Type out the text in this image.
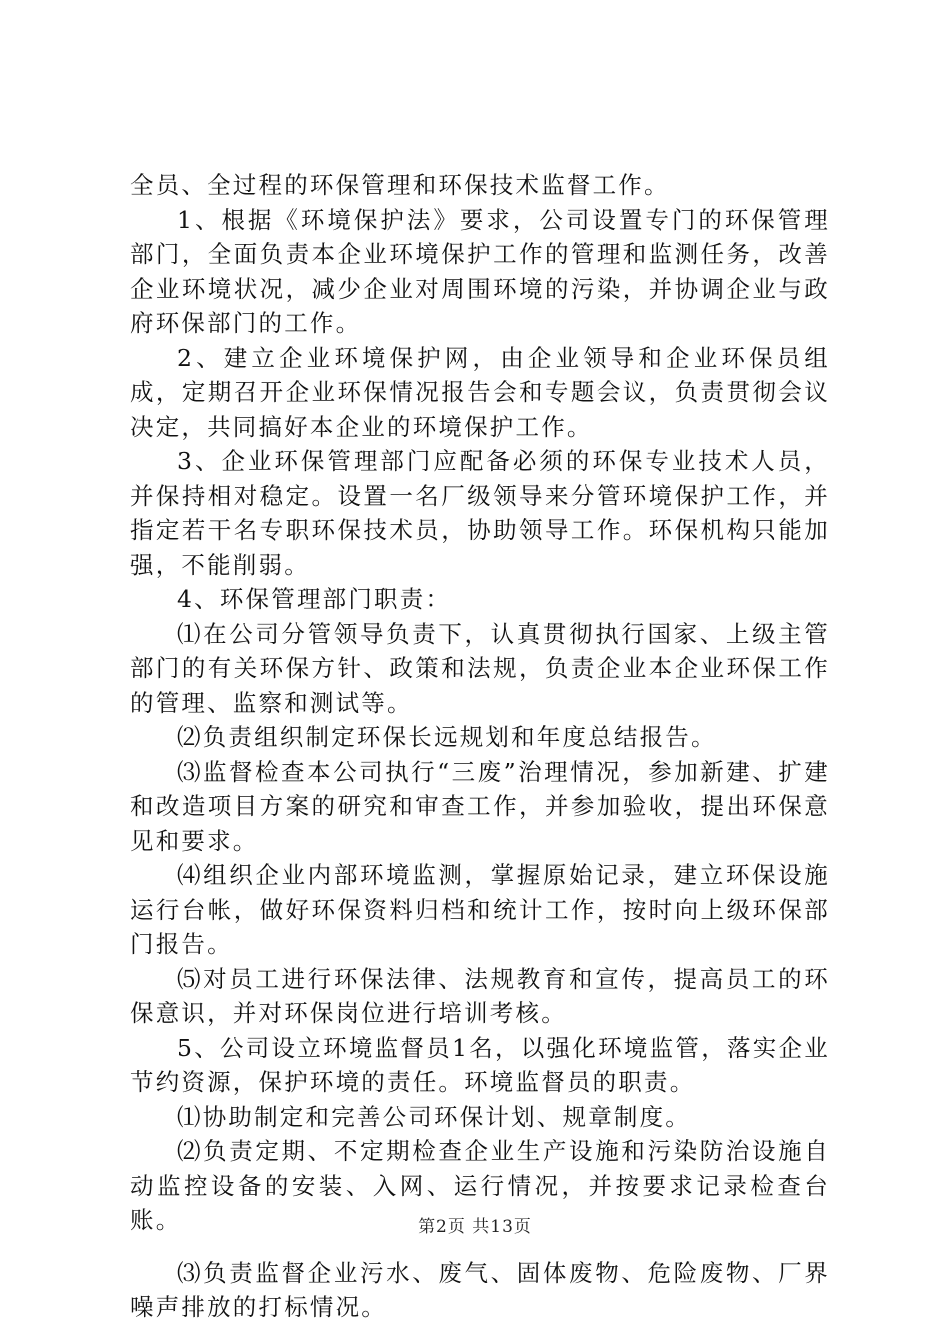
全员、全过程的环保管理和环保技术监督工作。

1、根据《环境保护法》要求，公司设置专门的环保管理部门，全面负责本企业环境保护工作的管理和监测任务，改善企业环境状况，减少企业对周围环境的污染，并协调企业与政府环保部门的工作。

2、建立企业环境保护网，由企业领导和企业环保员组成，定期召开企业环保情况报告会和专题会议，负责贯彻会议决定，共同搞好本企业的环境保护工作。

3、企业环保管理部门应配备必须的环保专业技术人员，并保持相对稳定。设置一名厂级领导来分管环境保护工作，并指定若干名专职环保技术员，协助领导工作。环保机构只能加强，不能削弱。

4、环保管理部门职责：

⑴在公司分管领导负责下，认真贯彻执行国家、上级主管部门的有关环保方针、政策和法规，负责企业本企业环保工作的管理、监察和测试等。

⑵负责组织制定环保长远规划和年度总结报告。

⑶监督检查本公司执行“三废”治理情况，参加新建、扩建和改造项目方案的研究和审查工作，并参加验收，提出环保意见和要求。

⑷组织企业内部环境监测，掌握原始记录，建立环保设施运行台帐，做好环保资料归档和统计工作，按时向上级环保部门报告。

⑸对员工进行环保法律、法规教育和宣传，提高员工的环保意识，并对环保岗位进行培训考核。

5、公司设立环境监督员1名，以强化环境监管，落实企业节约资源，保护环境的责任。环境监督员的职责。

⑴协助制定和完善公司环保计划、规章制度。

⑵负责定期、不定期检查企业生产设施和污染防治设施自动监控设备的安装、入网、运行情况，并按要求记录检查台账。

⑶负责监督企业污水、废气、固体废物、危险废物、厂界噪声排放的打标情况。

第2页 共13页
